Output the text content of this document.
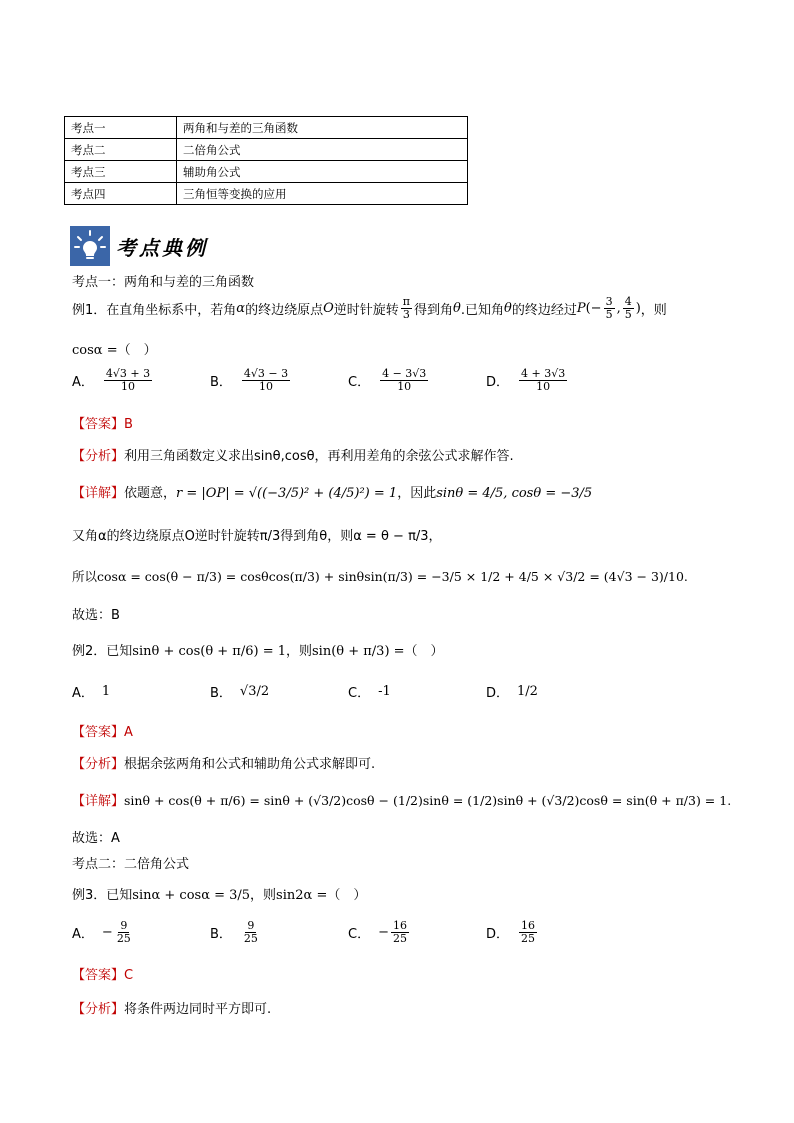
考点一	两角和与差的三角函数
考点二	二倍角公式
考点三	辅助角公式
考点四	三角恒等变换的应用
考点典例
考点一：两角和与差的三角函数
例1． 在直角坐标系中，若角 α 的终边绕原点 O 逆时针旋转 $\frac{\pi}{3}$ 得到角 θ .已知角 θ 的终边经过 P (− $\frac{3}{5}$ , $\frac{4}{5}$ ) ，则
cosα =（　）
A． $\frac{4√3 + 3}{10}$	B． $\frac{4√3 - 3}{10}$	C． $\frac{4 - 3√3}{10}$	D． $\frac{4 + 3√3}{10}$
【答案】B
【分析】利用三角函数定义求出sinθ,cosθ，再利用差角的余弦公式求解作答.
【详解】依题意，r = |OP| = √((−3/5)² + (4/5)²) = 1，因此sinθ = 4/5, cosθ = −3/5
又角α的终边绕原点O逆时针旋转π/3得到角θ，则α = θ − π/3，
所以cosα = cos(θ − π/3) = cosθcos(π/3) + sinθsin(π/3) = −3/5 × 1/2 + 4/5 × √3/2 = (4√3 − 3)/10.
故选：B
例2．已知sinθ + cos(θ + π/6) = 1，则sin(θ + π/3) =（　）
A． 1	B． √3/2	C． -1	D． 1/2
【答案】A
【分析】根据余弦两角和公式和辅助角公式求解即可.
【详解】sinθ + cos(θ + π/6) = sinθ + (√3/2)cosθ − (1/2)sinθ = (1/2)sinθ + (√3/2)cosθ = sin(θ + π/3) = 1.
故选：A
考点二：二倍角公式
例3．已知sinα + cosα = 3/5，则sin2α =（　）
A． − $\frac{9}{25}$	B． $\frac{9}{25}$	C． − $\frac{16}{25}$	D． $\frac{16}{25}$
【答案】C
【分析】将条件两边同时平方即可.
